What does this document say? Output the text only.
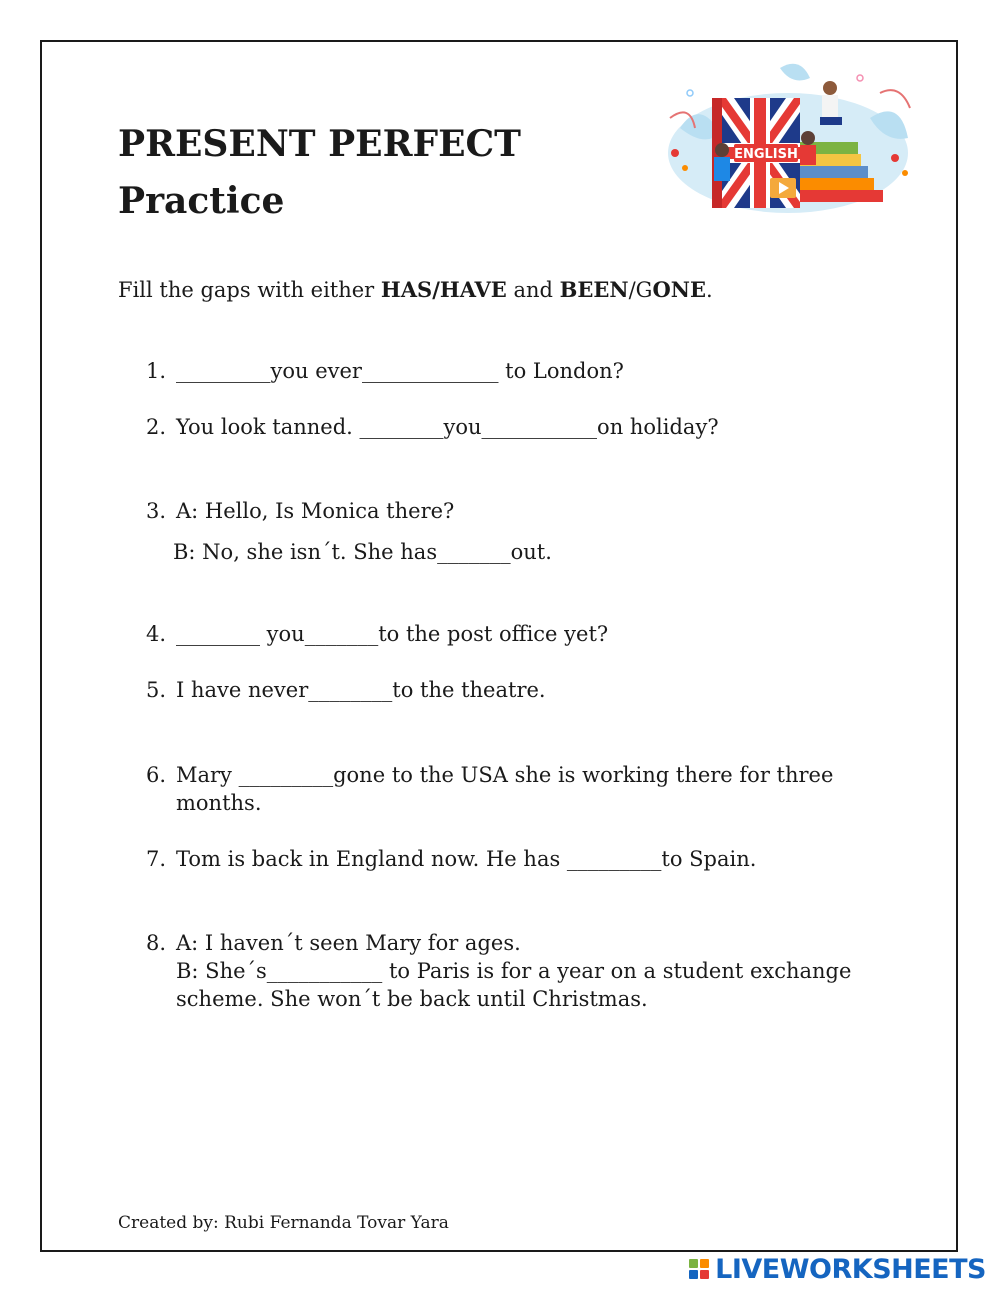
PRESENT PERFECT
Practice
ENGLISH
Fill the gaps with either HAS/HAVE and BEEN/GONE.
1. _________you ever_____________ to London?
2. You look tanned. ________you___________on holiday?
3. A: Hello, Is Monica there?
B: No, she isn´t. She has_______out.
4. ________ you_______to the post office yet?
5. I have never________to the theatre.
6. Mary _________gone to the USA she is working there for three
months.
7. Tom is back in England now. He has _________to Spain.
8. A: I haven´t seen Mary for ages.
B: She´s___________ to Paris is for a year on a student exchange
scheme. She won´t be back until Christmas.
Created by: Rubi Fernanda Tovar Yara
LIVEWORKSHEETS
